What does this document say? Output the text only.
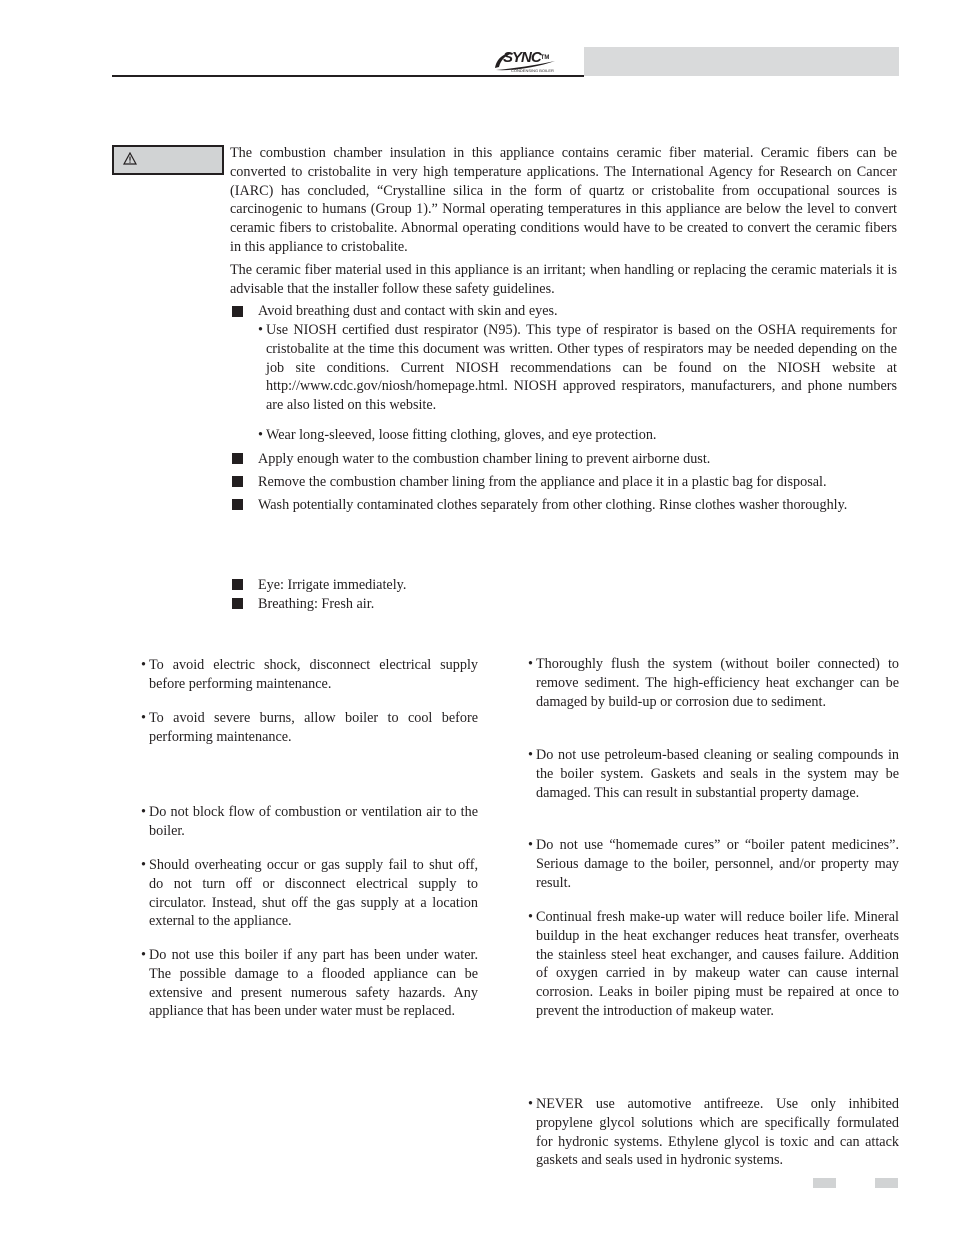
SYNC™
CONDENSING BOILER
The combustion chamber insulation in this appliance contains ceramic fiber material. Ceramic fibers can be converted to cristobalite in very high temperature applications. The International Agency for Research on Cancer (IARC) has concluded, “Crystalline silica in the form of quartz or cristobalite from occupational sources is carcinogenic to humans (Group 1).” Normal operating temperatures in this appliance are below the level to convert ceramic fibers to cristobalite. Abnormal operating conditions would have to be created to convert the ceramic fibers in this appliance to cristobalite.
The ceramic fiber material used in this appliance is an irritant; when handling or replacing the ceramic materials it is advisable that the installer follow these safety guidelines.
Avoid breathing dust and contact with skin and eyes.
• Use NIOSH certified dust respirator (N95). This type of respirator is based on the OSHA requirements for cristobalite at the time this document was written. Other types of respirators may be needed depending on the job site conditions. Current NIOSH recommendations can be found on the NIOSH website at http://www.cdc.gov/niosh/homepage.html. NIOSH approved respirators, manufacturers, and phone numbers are also listed on this website.
• Wear long-sleeved, loose fitting clothing, gloves, and eye protection.
Apply enough water to the combustion chamber lining to prevent airborne dust.
Remove the combustion chamber lining from the appliance and place it in a plastic bag for disposal.
Wash potentially contaminated clothes separately from other clothing. Rinse clothes washer thoroughly.
Eye: Irrigate immediately.
Breathing: Fresh air.
• To avoid electric shock, disconnect electrical supply before performing maintenance.
• To avoid severe burns, allow boiler to cool before performing maintenance.
• Do not block flow of combustion or ventilation air to the boiler.
• Should overheating occur or gas supply fail to shut off, do not turn off or disconnect electrical supply to circulator. Instead, shut off the gas supply at a location external to the appliance.
• Do not use this boiler if any part has been under water. The possible damage to a flooded appliance can be extensive and present numerous safety hazards. Any appliance that has been under water must be replaced.
• Thoroughly flush the system (without boiler connected) to remove sediment. The high-efficiency heat exchanger can be damaged by build-up or corrosion due to sediment.
• Do not use petroleum-based cleaning or sealing compounds in the boiler system. Gaskets and seals in the system may be damaged. This can result in substantial property damage.
• Do not use “homemade cures” or “boiler patent medicines”. Serious damage to the boiler, personnel, and/or property may result.
• Continual fresh make-up water will reduce boiler life. Mineral buildup in the heat exchanger reduces heat transfer, overheats the stainless steel heat exchanger, and causes failure. Addition of oxygen carried in by makeup water can cause internal corrosion. Leaks in boiler piping must be repaired at once to prevent the introduction of makeup water.
• NEVER use automotive antifreeze. Use only inhibited propylene glycol solutions which are specifically formulated for hydronic systems. Ethylene glycol is toxic and can attack gaskets and seals used in hydronic systems.
